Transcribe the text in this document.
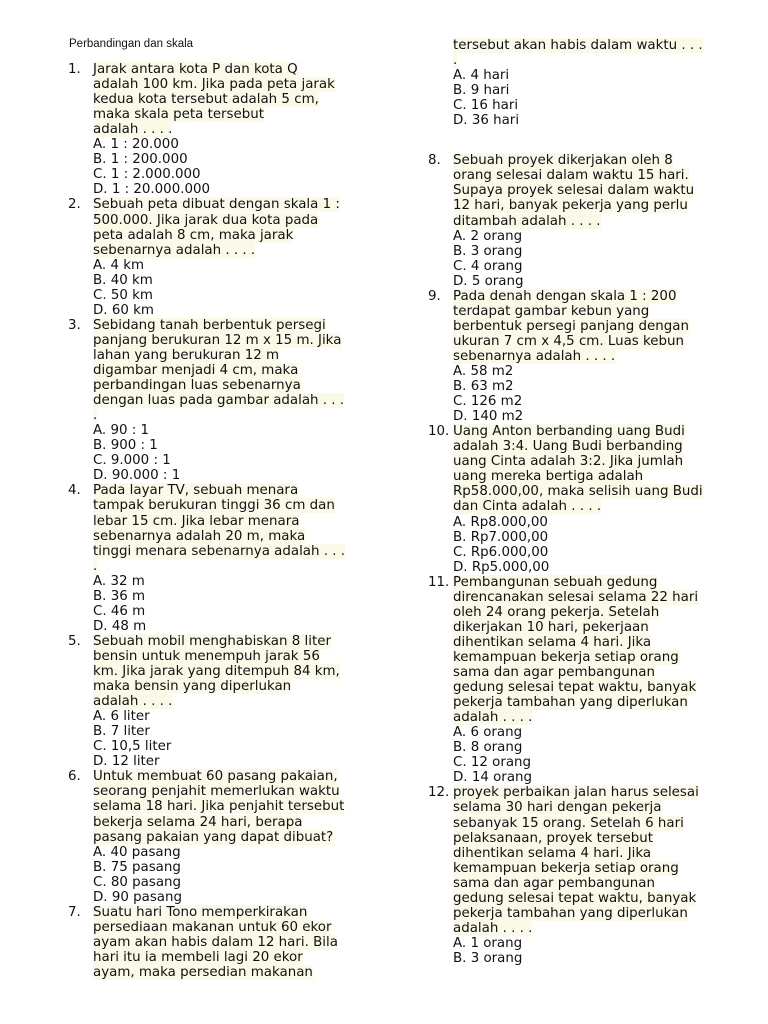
Perbandingan dan skala
1. Jarak antara kota P dan kota Q
adalah 100 km. Jika pada peta jarak
kedua kota tersebut adalah 5 cm,
maka skala peta tersebut
adalah . . . .
A. 1 : 20.000
B. 1 : 200.000
C. 1 : 2.000.000
D. 1 : 20.000.000
2. Sebuah peta dibuat dengan skala 1 :
500.000. Jika jarak dua kota pada
peta adalah 8 cm, maka jarak
sebenarnya adalah . . . .
A. 4 km
B. 40 km
C. 50 km
D. 60 km
3. Sebidang tanah berbentuk persegi
panjang berukuran 12 m x 15 m. Jika
lahan yang berukuran 12 m
digambar menjadi 4 cm, maka
perbandingan luas sebenarnya
dengan luas pada gambar adalah . . .
.
A. 90 : 1
B. 900 : 1
C. 9.000 : 1
D. 90.000 : 1
4. Pada layar TV, sebuah menara
tampak berukuran tinggi 36 cm dan
lebar 15 cm. Jika lebar menara
sebenarnya adalah 20 m, maka
tinggi menara sebenarnya adalah . . .
.
A. 32 m
B. 36 m
C. 46 m
D. 48 m
5. Sebuah mobil menghabiskan 8 liter
bensin untuk menempuh jarak 56
km. Jika jarak yang ditempuh 84 km,
maka bensin yang diperlukan
adalah . . . .
A. 6 liter
B. 7 liter
C. 10,5 liter
D. 12 liter
6. Untuk membuat 60 pasang pakaian,
seorang penjahit memerlukan waktu
selama 18 hari. Jika penjahit tersebut
bekerja selama 24 hari, berapa
pasang pakaian yang dapat dibuat?
A. 40 pasang
B. 75 pasang
C. 80 pasang
D. 90 pasang
7. Suatu hari Tono memperkirakan
persediaan makanan untuk 60 ekor
ayam akan habis dalam 12 hari. Bila
hari itu ia membeli lagi 20 ekor
ayam, maka persedian makanan
tersebut akan habis dalam waktu . . .
.
A. 4 hari
B. 9 hari
C. 16 hari
D. 36 hari
8. Sebuah proyek dikerjakan oleh 8
orang selesai dalam waktu 15 hari.
Supaya proyek selesai dalam waktu
12 hari, banyak pekerja yang perlu
ditambah adalah . . . .
A. 2 orang
B. 3 orang
C. 4 orang
D. 5 orang
9. Pada denah dengan skala 1 : 200
terdapat gambar kebun yang
berbentuk persegi panjang dengan
ukuran 7 cm x 4,5 cm. Luas kebun
sebenarnya adalah . . . .
A. 58 m2
B. 63 m2
C. 126 m2
D. 140 m2
10. Uang Anton berbanding uang Budi
adalah 3:4. Uang Budi berbanding
uang Cinta adalah 3:2. Jika jumlah
uang mereka bertiga adalah
Rp58.000,00, maka selisih uang Budi
dan Cinta adalah . . . .
A. Rp8.000,00
B. Rp7.000,00
C. Rp6.000,00
D. Rp5.000,00
11. Pembangunan sebuah gedung
direncanakan selesai selama 22 hari
oleh 24 orang pekerja. Setelah
dikerjakan 10 hari, pekerjaan
dihentikan selama 4 hari. Jika
kemampuan bekerja setiap orang
sama dan agar pembangunan
gedung selesai tepat waktu, banyak
pekerja tambahan yang diperlukan
adalah . . . .
A. 6 orang
B. 8 orang
C. 12 orang
D. 14 orang
12. proyek perbaikan jalan harus selesai
selama 30 hari dengan pekerja
sebanyak 15 orang. Setelah 6 hari
pelaksanaan, proyek tersebut
dihentikan selama 4 hari. Jika
kemampuan bekerja setiap orang
sama dan agar pembangunan
gedung selesai tepat waktu, banyak
pekerja tambahan yang diperlukan
adalah . . . .
A. 1 orang
B. 3 orang
